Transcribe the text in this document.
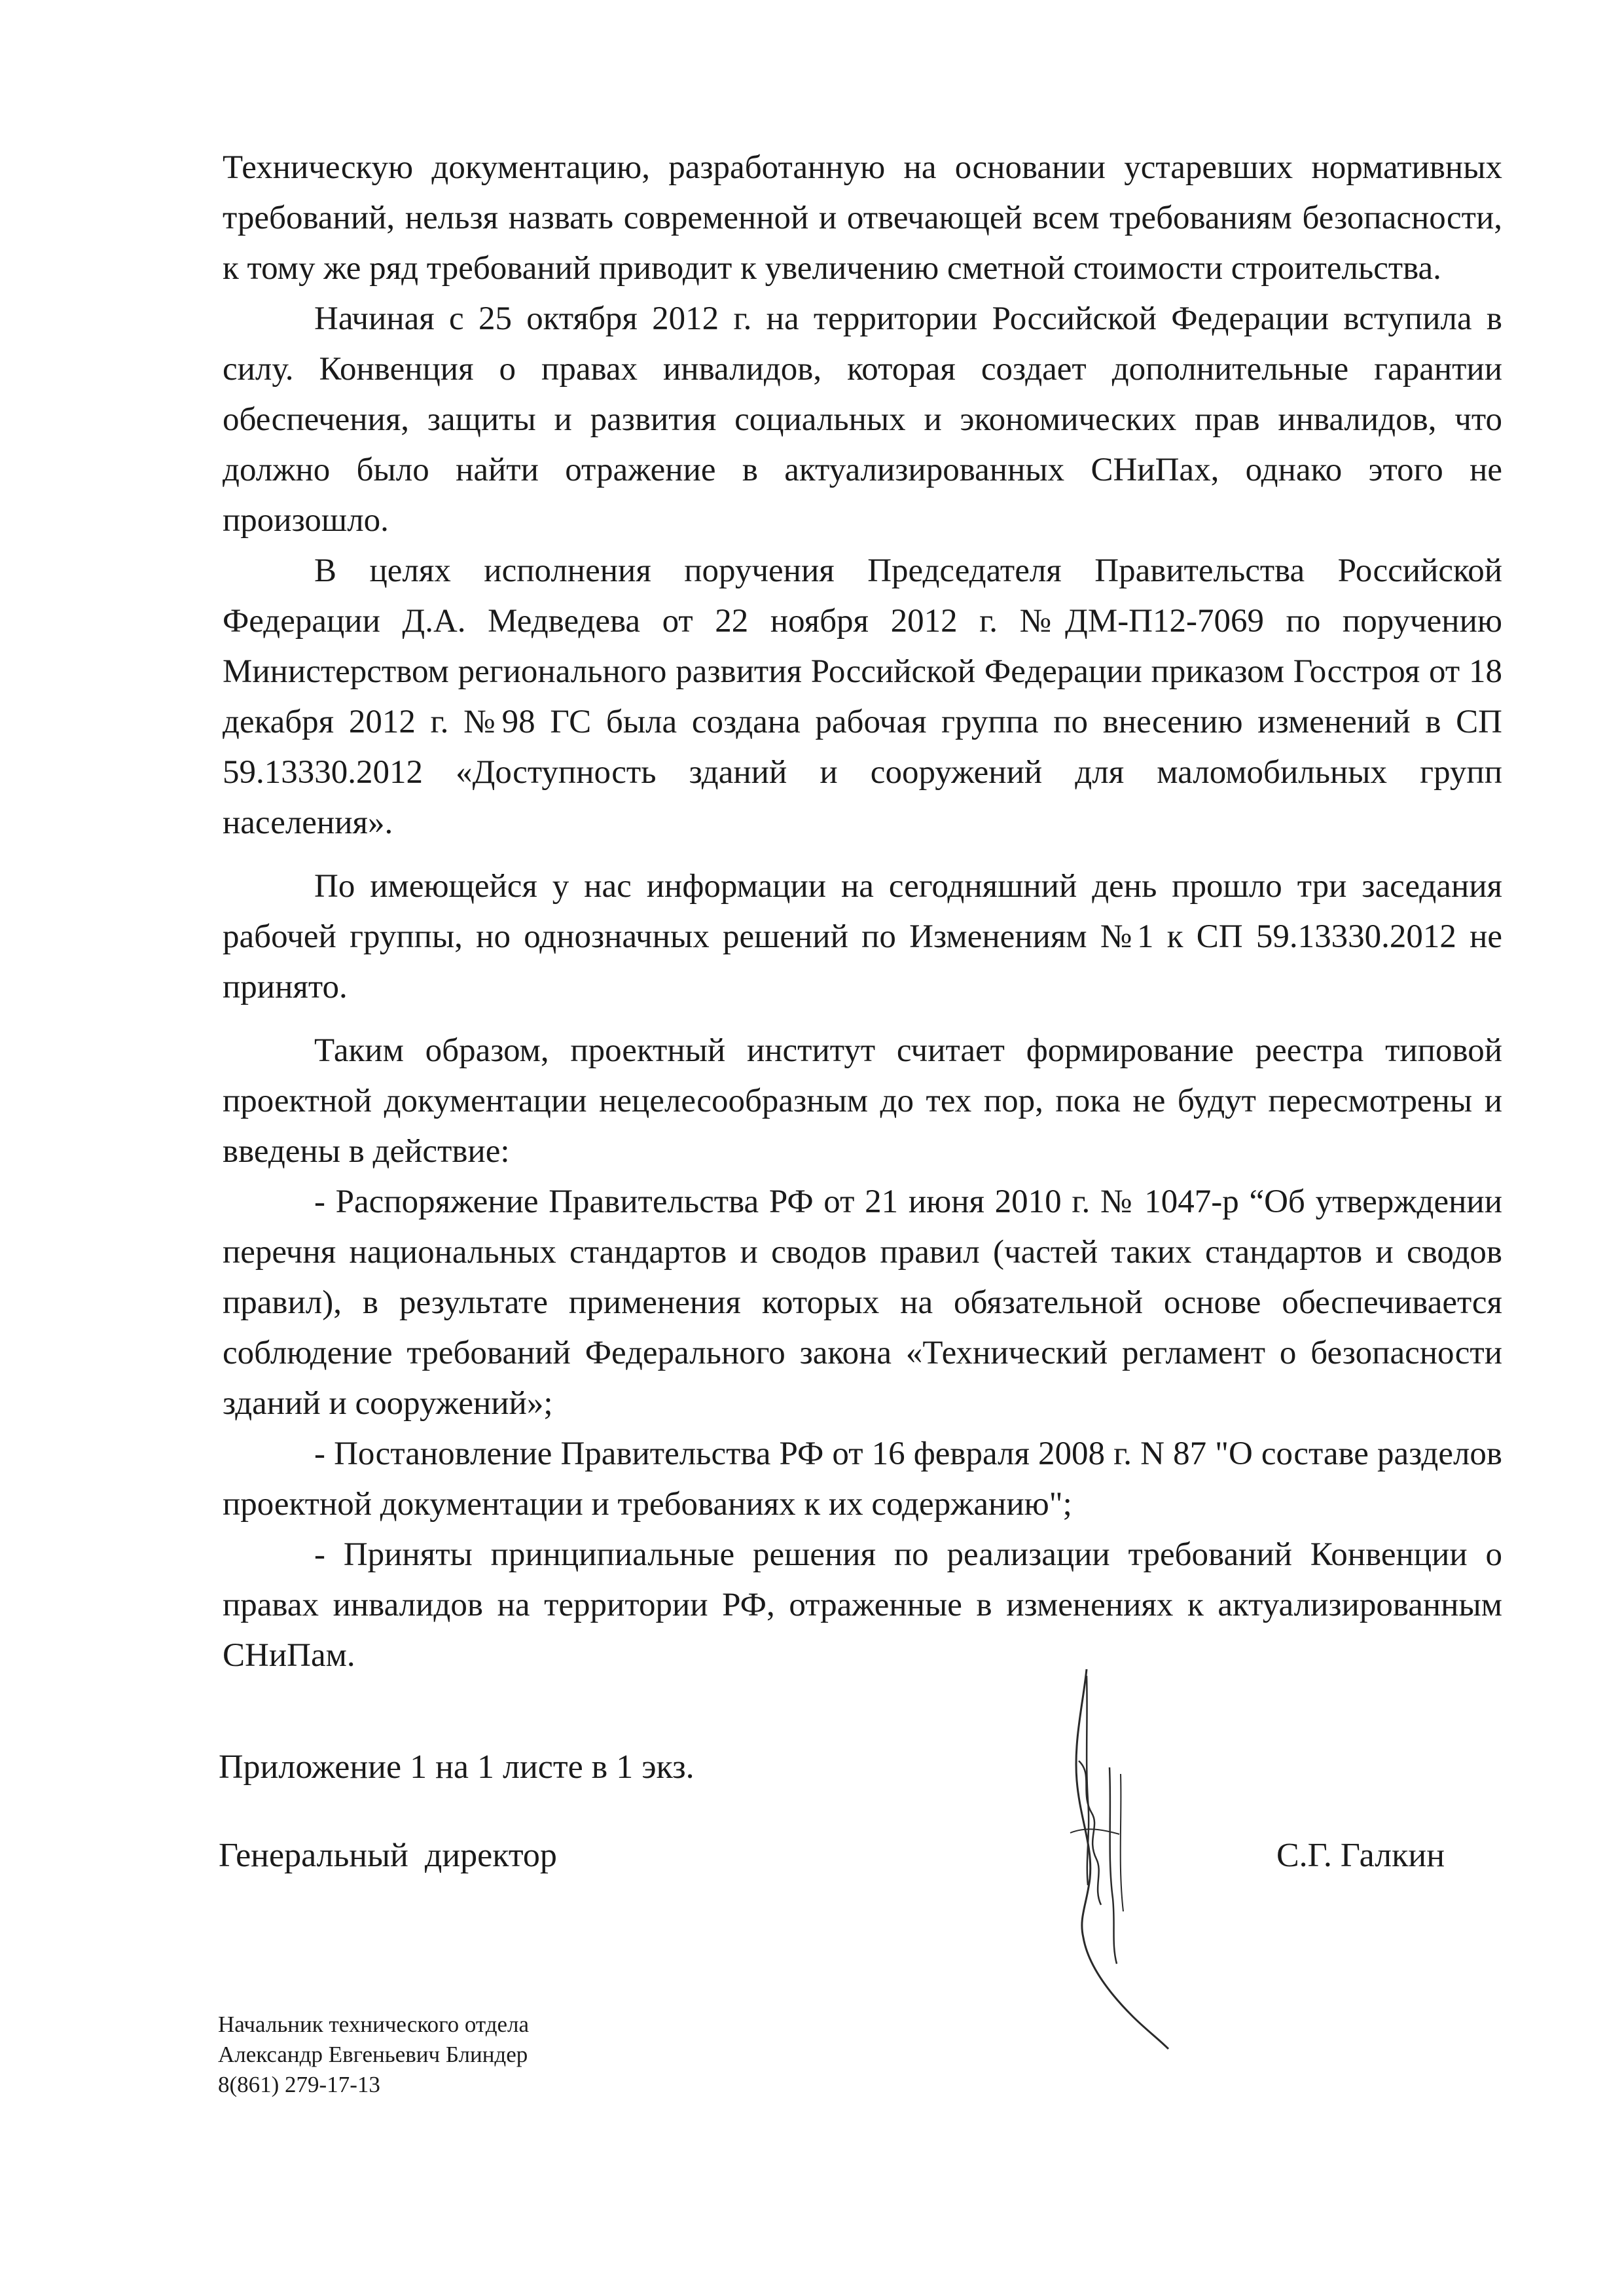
Техническую документацию, разработанную на основании устаревших нормативных требований, нельзя назвать современной и отвечающей всем требованиям безопасности, к тому же ряд требований приводит к увеличению сметной стоимости строительства.

Начиная с 25 октября 2012 г. на территории Российской Федерации вступила в силу. Конвенция о правах инвалидов, которая создает дополнительные гарантии обеспечения, защиты и развития социальных и экономических прав инвалидов, что должно было найти отражение в актуализированных СНиПах, однако этого не произошло.

В целях исполнения поручения Председателя Правительства Российской Федерации Д.А. Медведева от 22 ноября 2012 г. №ДМ-П12-7069 по поручению Министерством регионального развития Российской Федерации приказом Госстроя от 18 декабря 2012 г. №98 ГС была создана рабочая группа по внесению изменений в СП 59.13330.2012 «Доступность зданий и сооружений для маломобильных групп населения».

По имеющейся у нас информации на сегодняшний день прошло три заседания рабочей группы, но однозначных решений по Изменениям №1 к СП 59.13330.2012 не принято.

Таким образом, проектный институт считает формирование реестра типовой проектной документации нецелесообразным до тех пор, пока не будут пересмотрены и введены в действие:

- Распоряжение Правительства РФ от 21 июня 2010 г. № 1047-р “Об утверждении перечня национальных стандартов и сводов правил (частей таких стандартов и сводов правил), в результате применения которых на обязательной основе обеспечивается соблюдение требований Федерального закона «Технический регламент о безопасности зданий и сооружений»;

- Постановление Правительства РФ от 16 февраля 2008 г. N 87 "О составе разделов проектной документации и требованиях к их содержанию";

- Приняты принципиальные решения по реализации требований Конвенции о правах инвалидов на территории РФ, отраженные в изменениях к актуализированным СНиПам.

Приложение 1 на 1 листе в 1 экз.
Генеральный директор	С.Г. Галкин
Начальник технического отдела
Александр Евгеньевич Блиндер
8(861) 279-17-13
